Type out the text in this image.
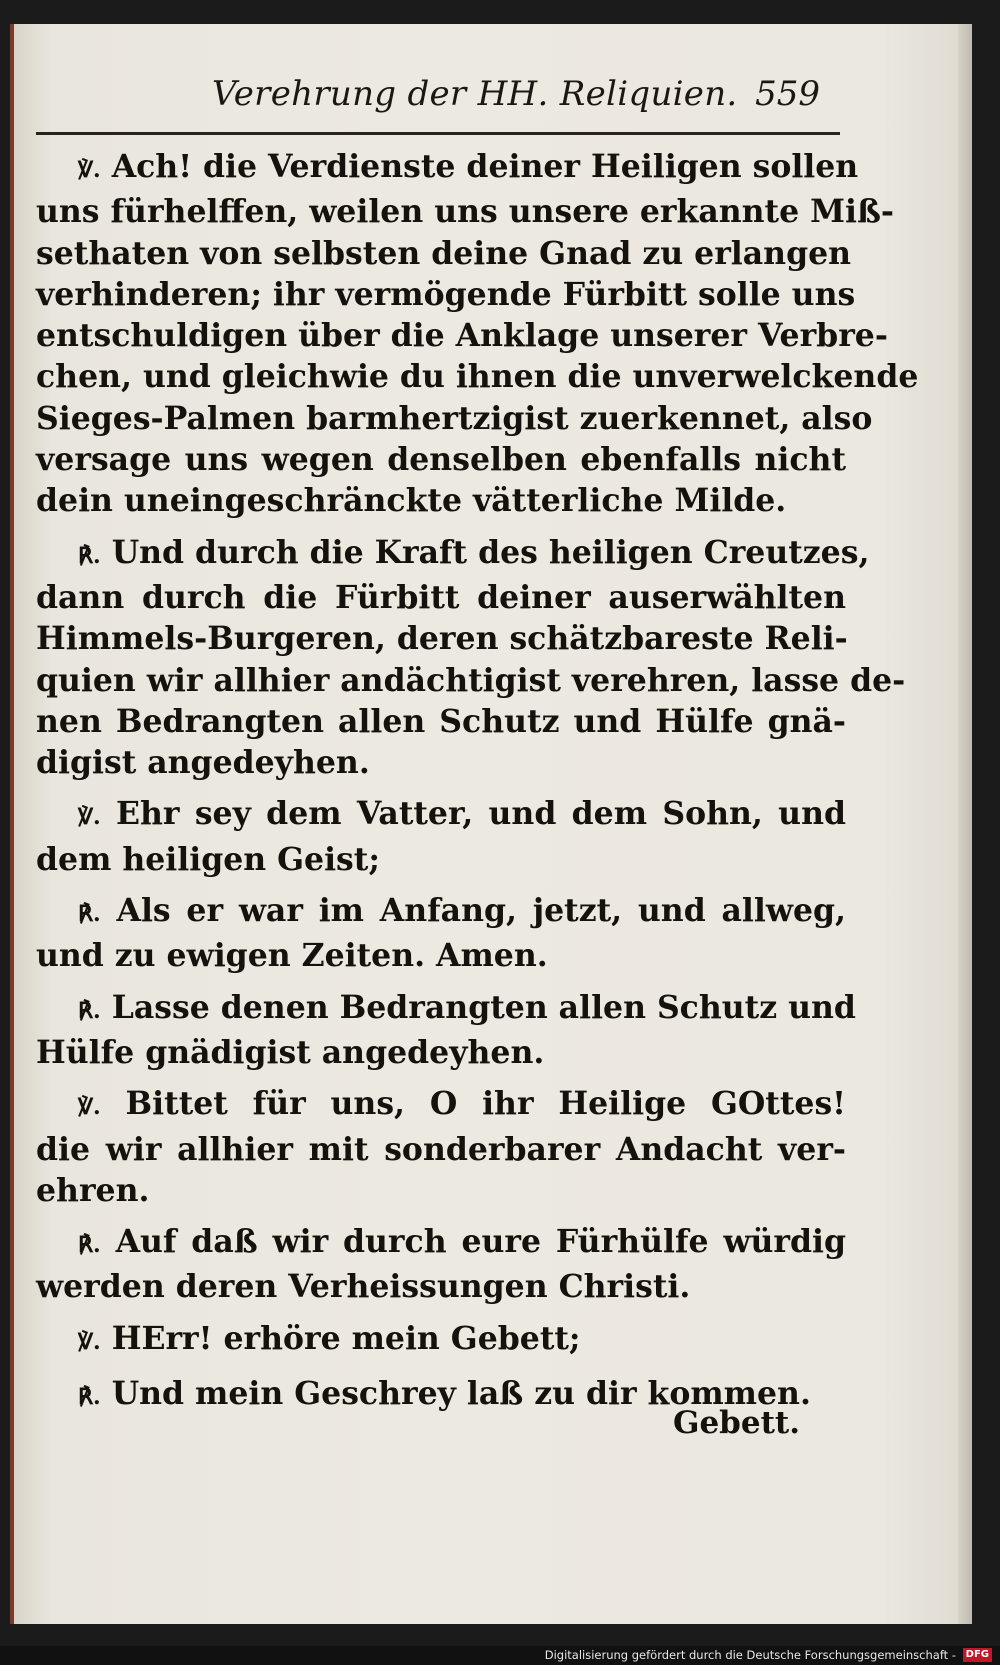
Verehrung der HH. Reliquien. 559
℣. Ach! die Verdienste deiner Heiligen sollen
uns fürhelffen, weilen uns unsere erkannte Miß-
sethaten von selbsten deine Gnad zu erlangen
verhinderen; ihr vermögende Fürbitt solle uns
entschuldigen über die Anklage unserer Verbre-
chen, und gleichwie du ihnen die unverwelckende
Sieges-Palmen barmhertzigist zuerkennet, also
versage uns wegen denselben ebenfalls nicht
dein uneingeschränckte vätterliche Milde.
℟. Und durch die Kraft des heiligen Creutzes,
dann durch die Fürbitt deiner auserwählten
Himmels-Burgeren, deren schätzbareste Reli-
quien wir allhier andächtigist verehren, lasse de-
nen Bedrangten allen Schutz und Hülfe gnä-
digist angedeyhen.
℣. Ehr sey dem Vatter, und dem Sohn, und
dem heiligen Geist;
℟. Als er war im Anfang, jetzt, und allweg,
und zu ewigen Zeiten. Amen.
℟. Lasse denen Bedrangten allen Schutz und
Hülfe gnädigist angedeyhen.
℣. Bittet für uns, O ihr Heilige GOttes!
die wir allhier mit sonderbarer Andacht ver-
ehren.
℟. Auf daß wir durch eure Fürhülfe würdig
werden deren Verheissungen Christi.
℣. HErr! erhöre mein Gebett;
℟. Und mein Geschrey laß zu dir kommen.
Gebett.
Digitalisierung gefördert durch die Deutsche Forschungsgemeinschaft - DFG
